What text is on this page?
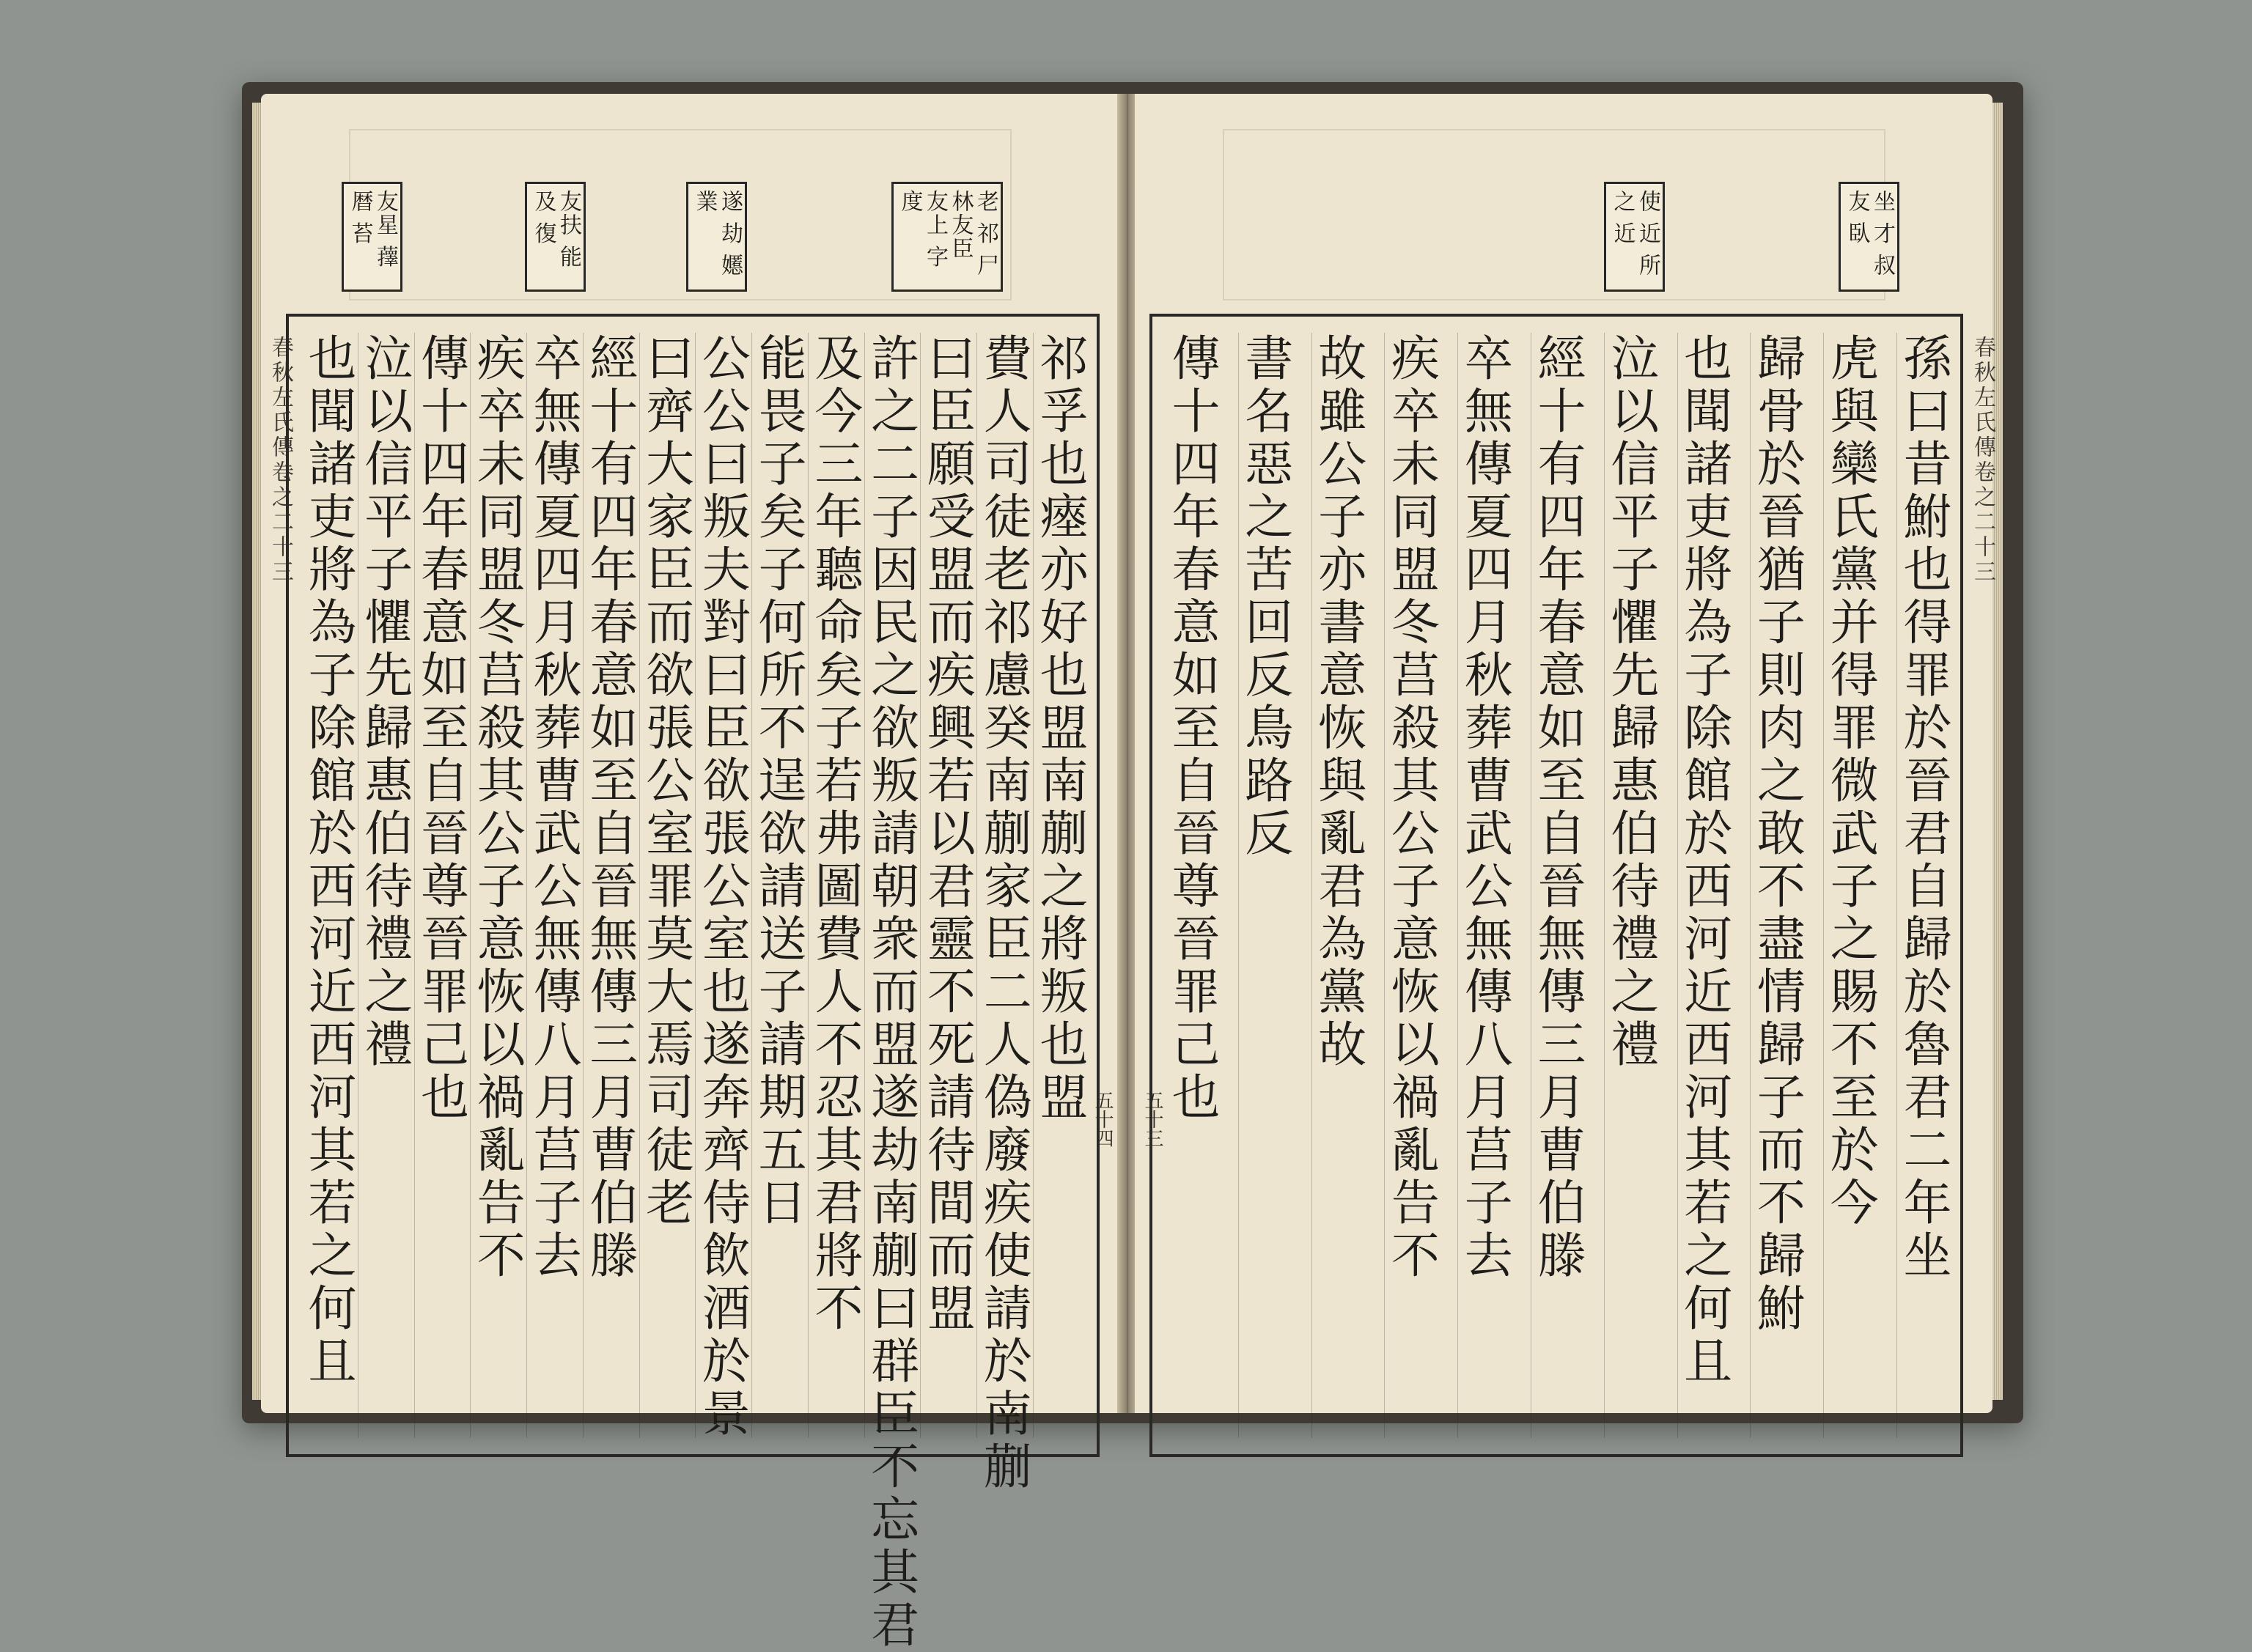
友星 蘀 暦 苔	友扶 能 及 復	遂 劫 嬺 業	老 祁 尸林友臣 友上 字 度
春秋左氏傳卷之二十三	祁孚也瘞亦好也盟南蒯之將叛也盟
費人司徒老祁慮癸南蒯家臣二人偽廢疾使請於南蒯
曰臣願受盟而疾興若以君靈不死請待間而盟
許之二子因民之欲叛請朝衆而盟遂劫南蒯曰群臣不忘其君
及今三年聽命矣子若弗圖費人不忍其君將不
能畏子矣子何所不逞欲請送子請期五日
公公曰叛夫對曰臣欲張公室也遂奔齊侍飲酒於景
曰齊大家臣而欲張公室罪莫大焉司徒老
經十有四年春意如至自晉無傳三月曹伯滕
卒無傳夏四月秋葬曹武公無傳八月莒子去
疾卒未同盟冬莒殺其公子意恢以禍亂告不
傳十四年春意如至自晉尊晉罪己也
泣以信平子懼先歸惠伯待禮之禮
也聞諸吏將為子除館於西河近西河其若之何且	五十四
使 近 所 之 近	坐 才 叔 友 臥
春秋左氏傳卷之二十三
孫曰昔鮒也得罪於晉君自歸於魯君二年坐
虎與欒氏黨并得罪微武子之賜不至於今
歸骨於晉猶子則肉之敢不盡情歸子而不歸鮒
也聞諸吏將為子除館於西河近西河其若之何且
泣以信平子懼先歸惠伯待禮之禮
經十有四年春意如至自晉無傳三月曹伯滕
卒無傳夏四月秋葬曹武公無傳八月莒子去
疾卒未同盟冬莒殺其公子意恢以禍亂告不
故雖公子亦書意恢與亂君為黨故
書名惡之苦回反鳥路反
傳十四年春意如至自晉尊晉罪己也
五十三
